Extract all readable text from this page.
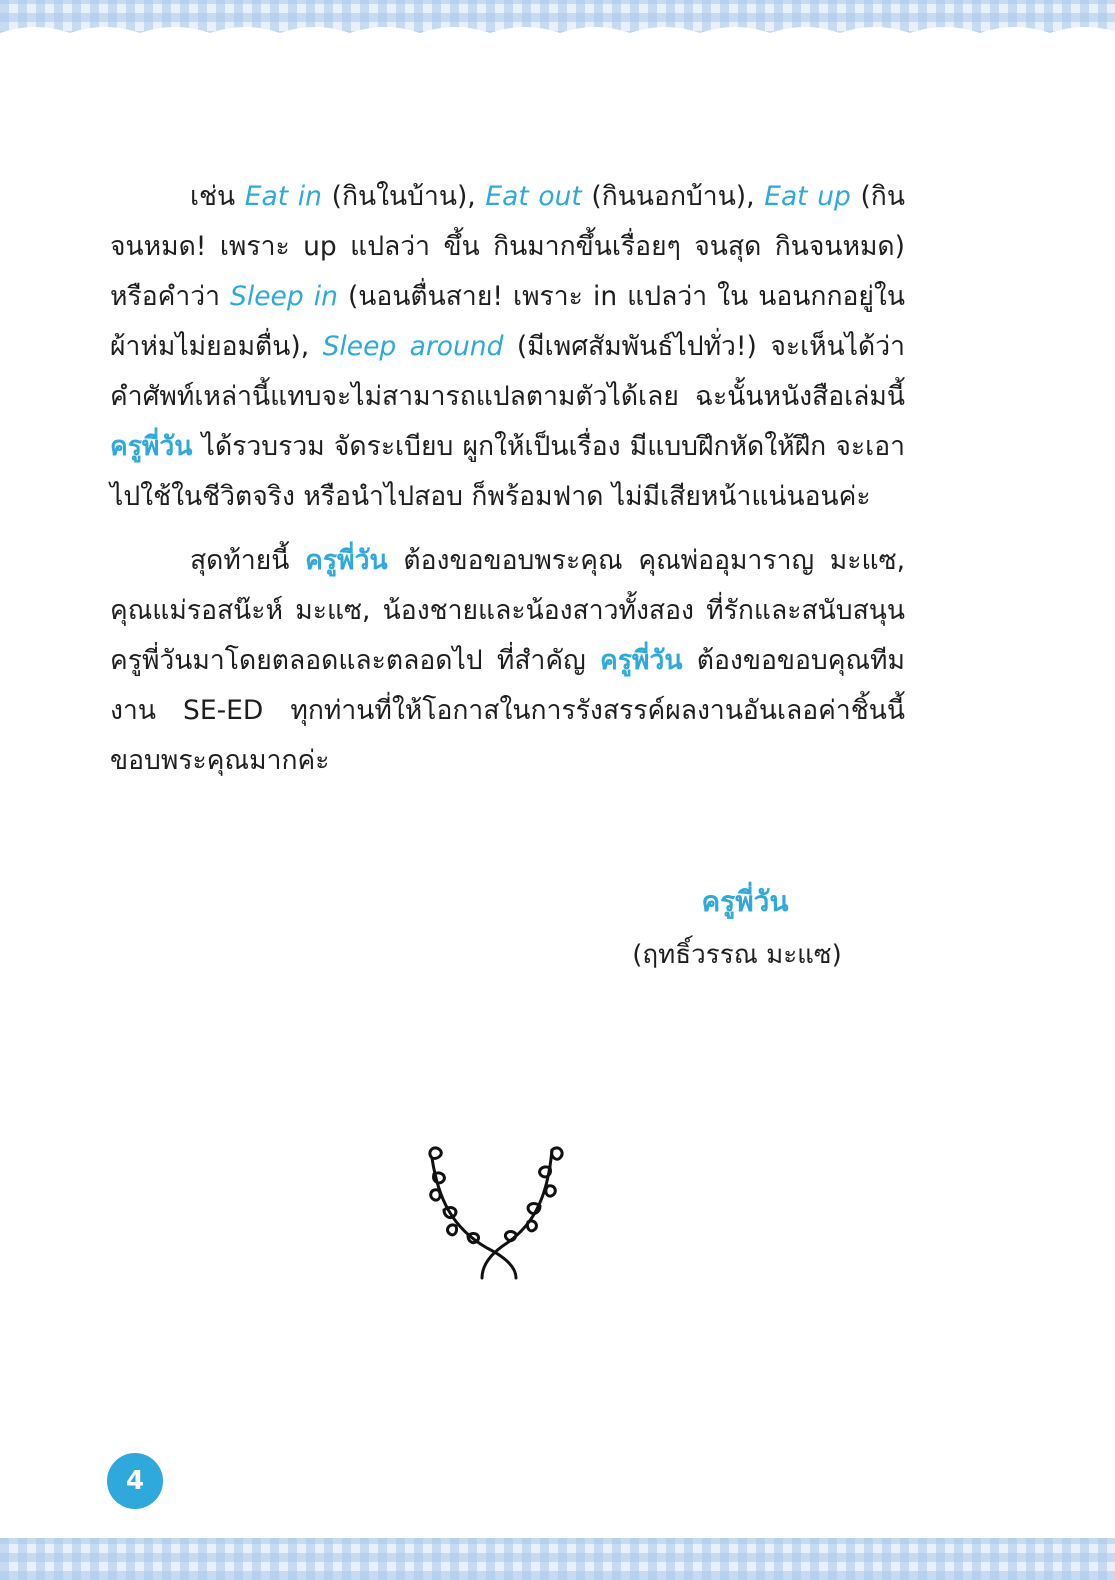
เช่น Eat in (กินในบ้าน), Eat out (กินนอกบ้าน), Eat up (กินจนหมด! เพราะ up แปลว่า ขึ้น กินมากขึ้นเรื่อยๆ จนสุด กินจนหมด) หรือคำว่า Sleep in (นอนตื่นสาย! เพราะ in แปลว่า ใน นอนกกอยู่ในผ้าห่มไม่ยอมตื่น), Sleep around (มีเพศสัมพันธ์ไปทั่ว!) จะเห็นได้ว่าคำศัพท์เหล่านี้แทบจะไม่สามารถแปลตามตัวได้เลย ฉะนั้นหนังสือเล่มนี้ ครูพี่วัน ได้รวบรวม จัดระเบียบ ผูกให้เป็นเรื่อง มีแบบฝึกหัดให้ฝึก จะเอาไปใช้ในชีวิตจริง หรือนำไปสอบ ก็พร้อมฟาด ไม่มีเสียหน้าแน่นอนค่ะ

สุดท้ายนี้ ครูพี่วัน ต้องขอขอบพระคุณ คุณพ่ออุมาราญ มะแซ, คุณแม่รอสน๊ะห์ มะแซ, น้องชายและน้องสาวทั้งสอง ที่รักและสนับสนุนครูพี่วันมาโดยตลอดและตลอดไป ที่สำคัญ ครูพี่วัน ต้องขอขอบคุณทีมงาน SE-ED ทุกท่านที่ให้โอกาสในการรังสรรค์ผลงานอันเลอค่าชิ้นนี้ ขอบพระคุณมากค่ะ

ครูพี่วัน
(ฤทธิ์วรรณ มะแซ)
4
